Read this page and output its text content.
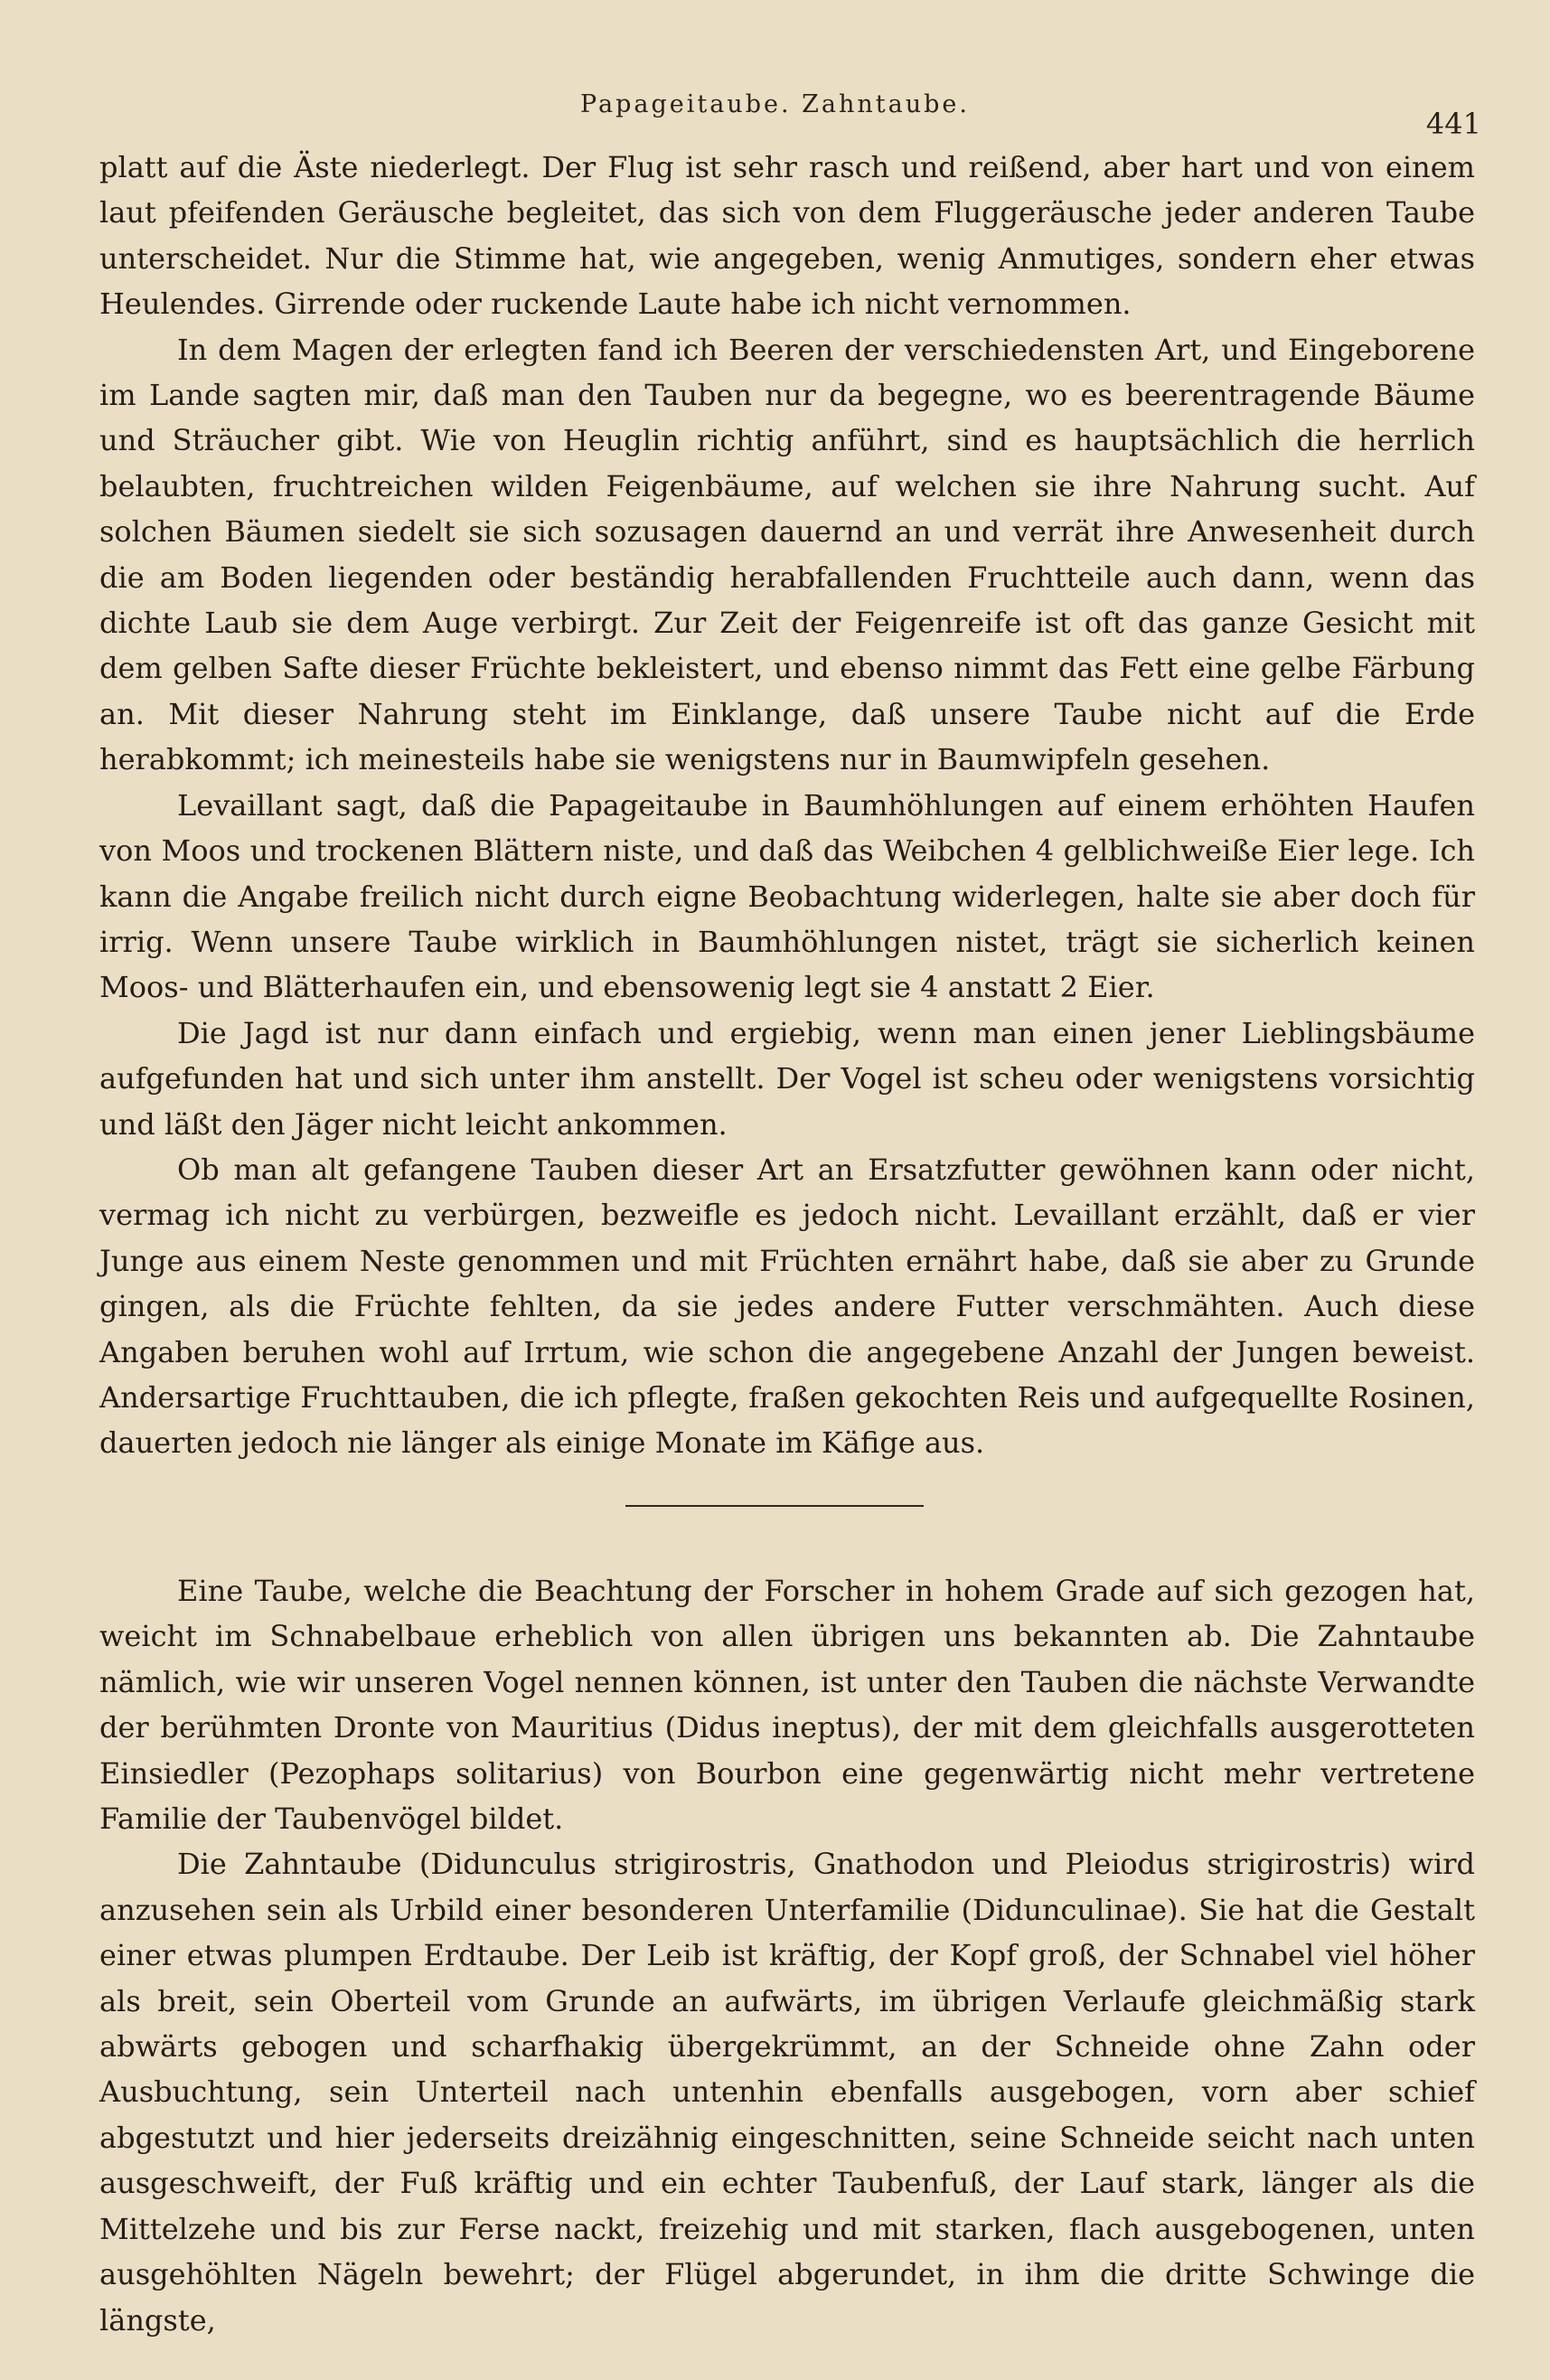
Papageitaube. Zahntaube.
441

platt auf die Äste niederlegt. Der Flug ist sehr rasch und reißend, aber hart und von einem laut pfeifenden Geräusche begleitet, das sich von dem Fluggeräusche jeder anderen Taube unterscheidet. Nur die Stimme hat, wie angegeben, wenig Anmutiges, sondern eher etwas Heulendes. Girrende oder ruckende Laute habe ich nicht vernommen.

In dem Magen der erlegten fand ich Beeren der verschiedensten Art, und Eingeborene im Lande sagten mir, daß man den Tauben nur da begegne, wo es beerentragende Bäume und Sträucher gibt. Wie von Heuglin richtig anführt, sind es hauptsächlich die herrlich belaubten, fruchtreichen wilden Feigenbäume, auf welchen sie ihre Nahrung sucht. Auf solchen Bäumen siedelt sie sich sozusagen dauernd an und verrät ihre Anwesenheit durch die am Boden liegenden oder beständig herabfallenden Fruchtteile auch dann, wenn das dichte Laub sie dem Auge verbirgt. Zur Zeit der Feigenreife ist oft das ganze Gesicht mit dem gelben Safte dieser Früchte bekleistert, und ebenso nimmt das Fett eine gelbe Färbung an. Mit dieser Nahrung steht im Einklange, daß unsere Taube nicht auf die Erde herabkommt; ich meinesteils habe sie wenigstens nur in Baumwipfeln gesehen.

Levaillant sagt, daß die Papageitaube in Baumhöhlungen auf einem erhöhten Haufen von Moos und trockenen Blättern niste, und daß das Weibchen 4 gelblichweiße Eier lege. Ich kann die Angabe freilich nicht durch eigne Beobachtung widerlegen, halte sie aber doch für irrig. Wenn unsere Taube wirklich in Baumhöhlungen nistet, trägt sie sicherlich keinen Moos- und Blätterhaufen ein, und ebensowenig legt sie 4 anstatt 2 Eier.

Die Jagd ist nur dann einfach und ergiebig, wenn man einen jener Lieblingsbäume aufgefunden hat und sich unter ihm anstellt. Der Vogel ist scheu oder wenigstens vorsichtig und läßt den Jäger nicht leicht ankommen.

Ob man alt gefangene Tauben dieser Art an Ersatzfutter gewöhnen kann oder nicht, vermag ich nicht zu verbürgen, bezweifle es jedoch nicht. Levaillant erzählt, daß er vier Junge aus einem Neste genommen und mit Früchten ernährt habe, daß sie aber zu Grunde gingen, als die Früchte fehlten, da sie jedes andere Futter verschmähten. Auch diese Angaben beruhen wohl auf Irrtum, wie schon die angegebene Anzahl der Jungen beweist. Andersartige Fruchttauben, die ich pflegte, fraßen gekochten Reis und aufgequellte Rosinen, dauerten jedoch nie länger als einige Monate im Käfige aus.

Eine Taube, welche die Beachtung der Forscher in hohem Grade auf sich gezogen hat, weicht im Schnabelbaue erheblich von allen übrigen uns bekannten ab. Die Zahntaube nämlich, wie wir unseren Vogel nennen können, ist unter den Tauben die nächste Verwandte der berühmten Dronte von Mauritius (Didus ineptus), der mit dem gleichfalls ausgerotteten Einsiedler (Pezophaps solitarius) von Bourbon eine gegenwärtig nicht mehr vertretene Familie der Taubenvögel bildet.

Die Zahntaube (Didunculus strigirostris, Gnathodon und Pleiodus strigirostris) wird anzusehen sein als Urbild einer besonderen Unterfamilie (Didunculinae). Sie hat die Gestalt einer etwas plumpen Erdtaube. Der Leib ist kräftig, der Kopf groß, der Schnabel viel höher als breit, sein Oberteil vom Grunde an aufwärts, im übrigen Verlaufe gleichmäßig stark abwärts gebogen und scharfhakig übergekrümmt, an der Schneide ohne Zahn oder Ausbuchtung, sein Unterteil nach untenhin ebenfalls ausgebogen, vorn aber schief abgestutzt und hier jederseits dreizähnig eingeschnitten, seine Schneide seicht nach unten ausgeschweift, der Fuß kräftig und ein echter Taubenfuß, der Lauf stark, länger als die Mittelzehe und bis zur Ferse nackt, freizehig und mit starken, flach ausgebogenen, unten ausgehöhlten Nägeln bewehrt; der Flügel abgerundet, in ihm die dritte Schwinge die längste,
